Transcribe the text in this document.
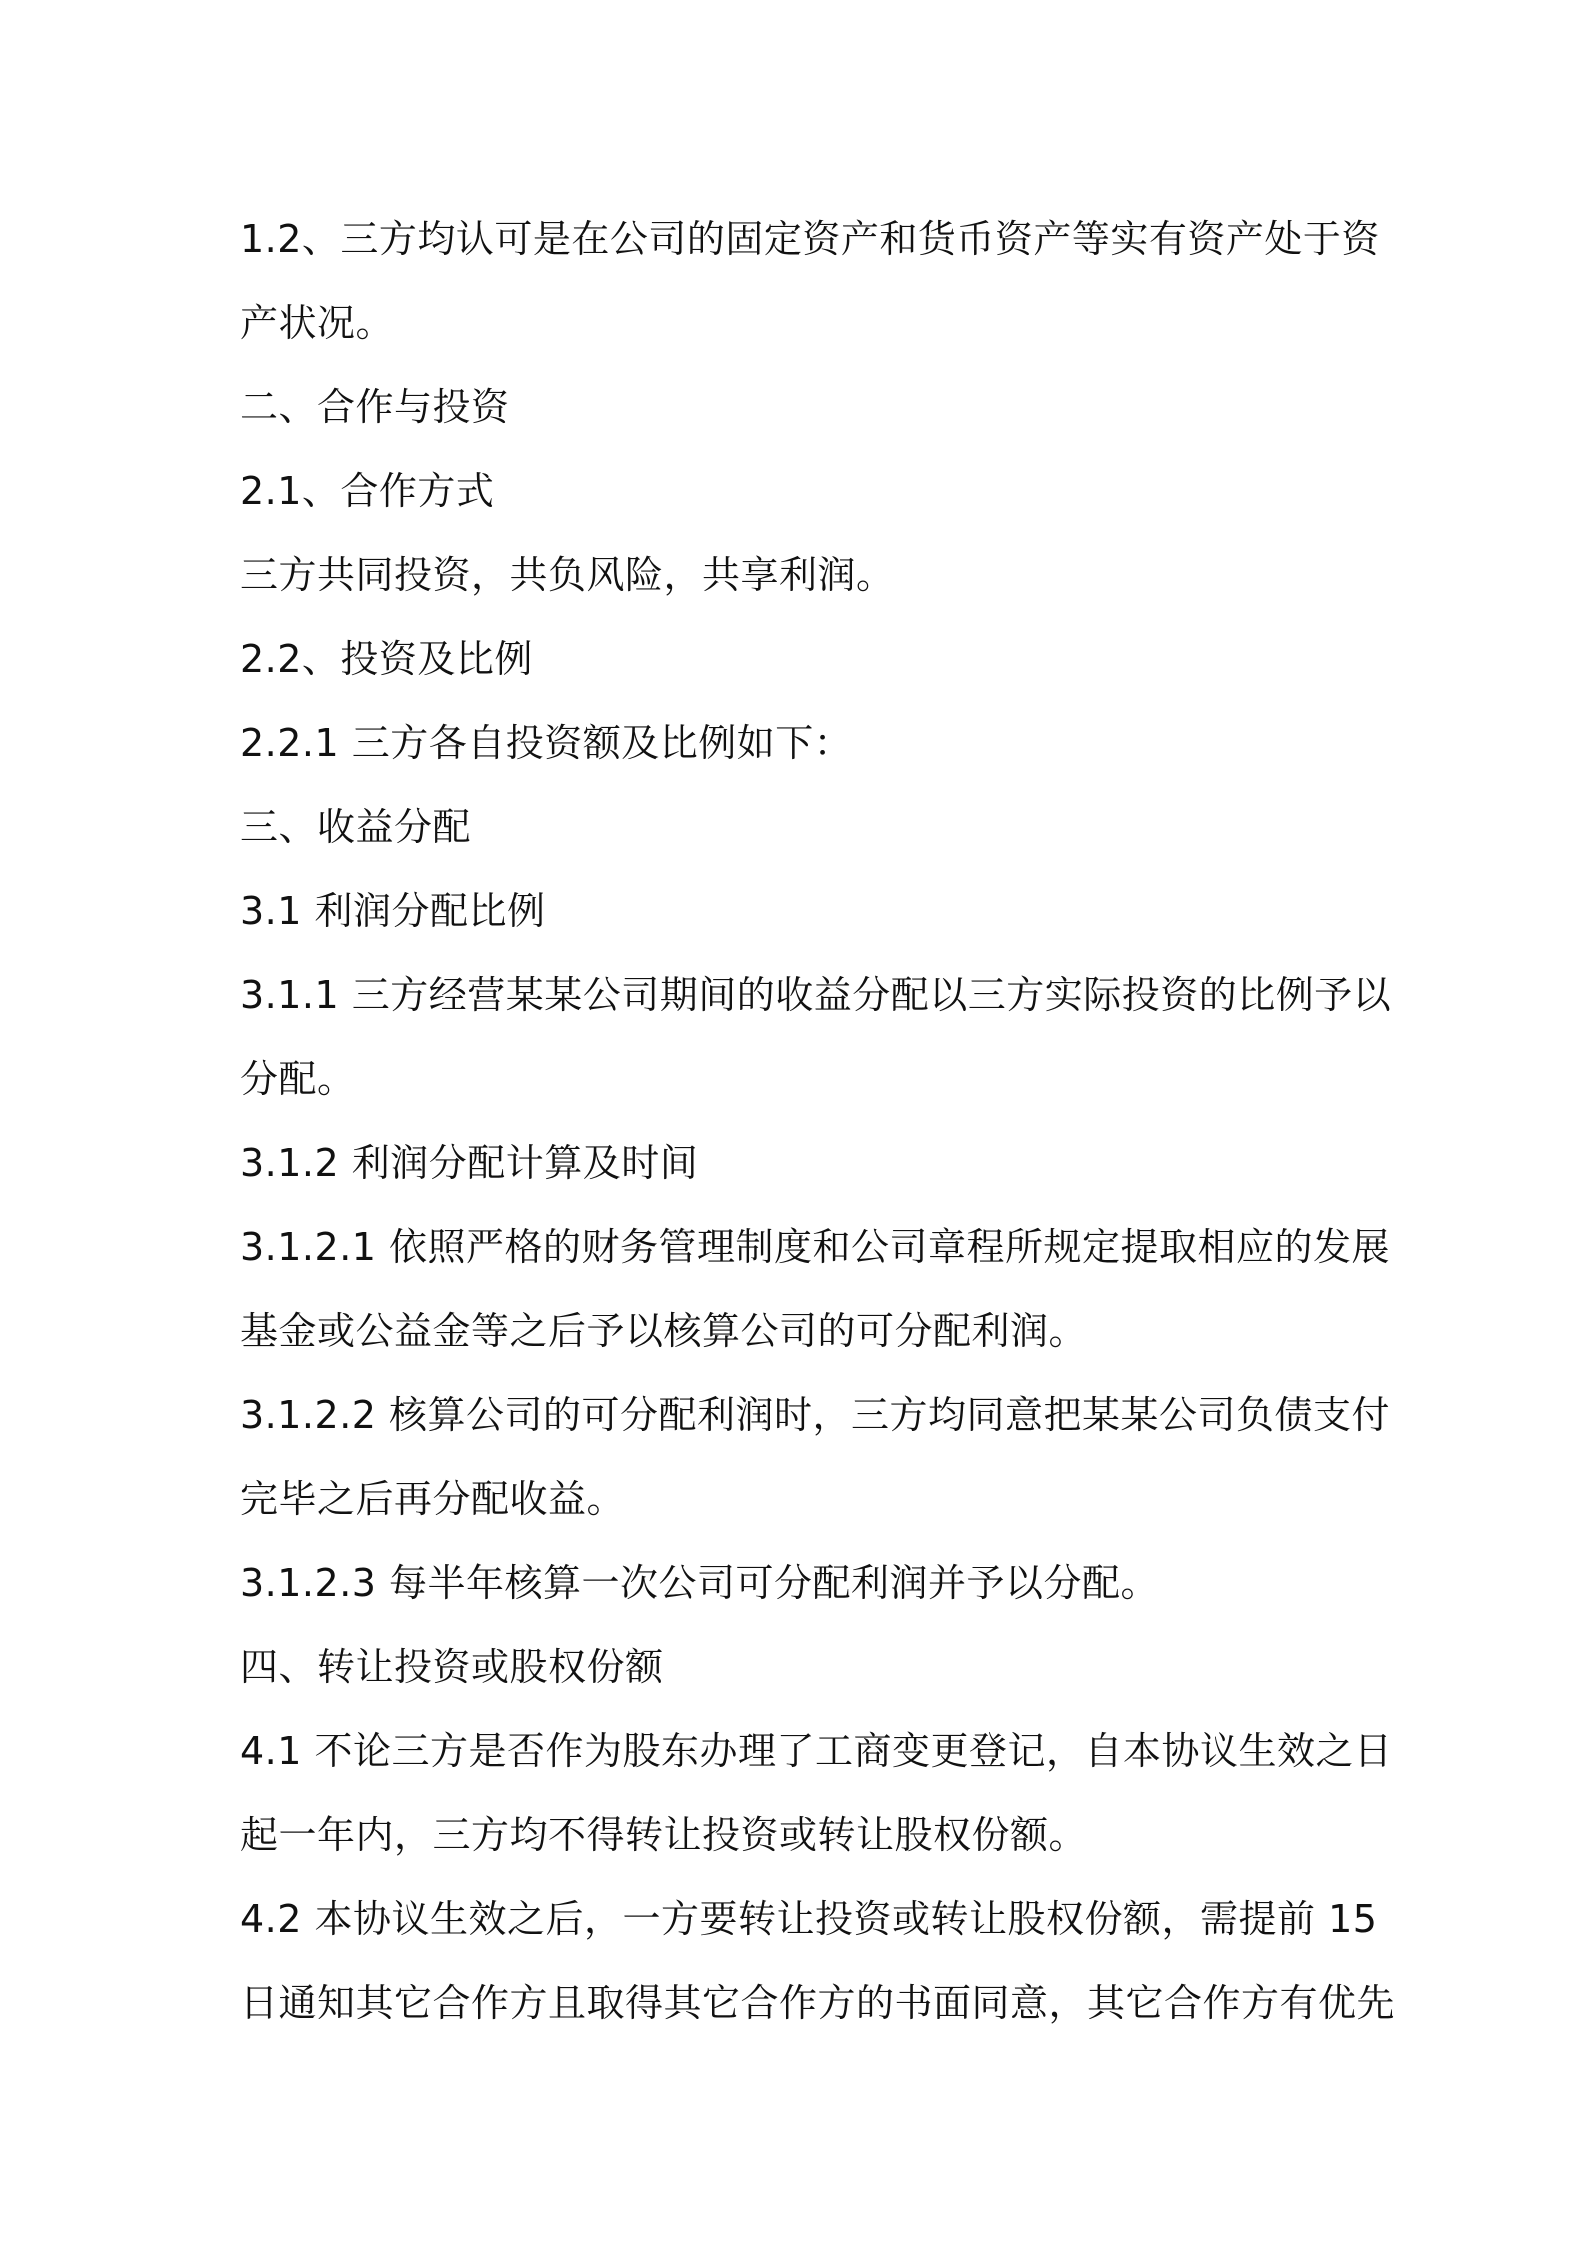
1.2、三方均认可是在公司的固定资产和货币资产等实有资产处于资
产状况。
二、合作与投资
2.1、合作方式
三方共同投资，共负风险，共享利润。
2.2、投资及比例
2.2.1 三方各自投资额及比例如下：
三、收益分配
3.1 利润分配比例
3.1.1 三方经营某某公司期间的收益分配以三方实际投资的比例予以
分配。
3.1.2 利润分配计算及时间
3.1.2.1 依照严格的财务管理制度和公司章程所规定提取相应的发展
基金或公益金等之后予以核算公司的可分配利润。
3.1.2.2 核算公司的可分配利润时，三方均同意把某某公司负债支付
完毕之后再分配收益。
3.1.2.3 每半年核算一次公司可分配利润并予以分配。
四、转让投资或股权份额
4.1 不论三方是否作为股东办理了工商变更登记，自本协议生效之日
起一年内，三方均不得转让投资或转让股权份额。
4.2 本协议生效之后，一方要转让投资或转让股权份额，需提前 15
日通知其它合作方且取得其它合作方的书面同意，其它合作方有优先
